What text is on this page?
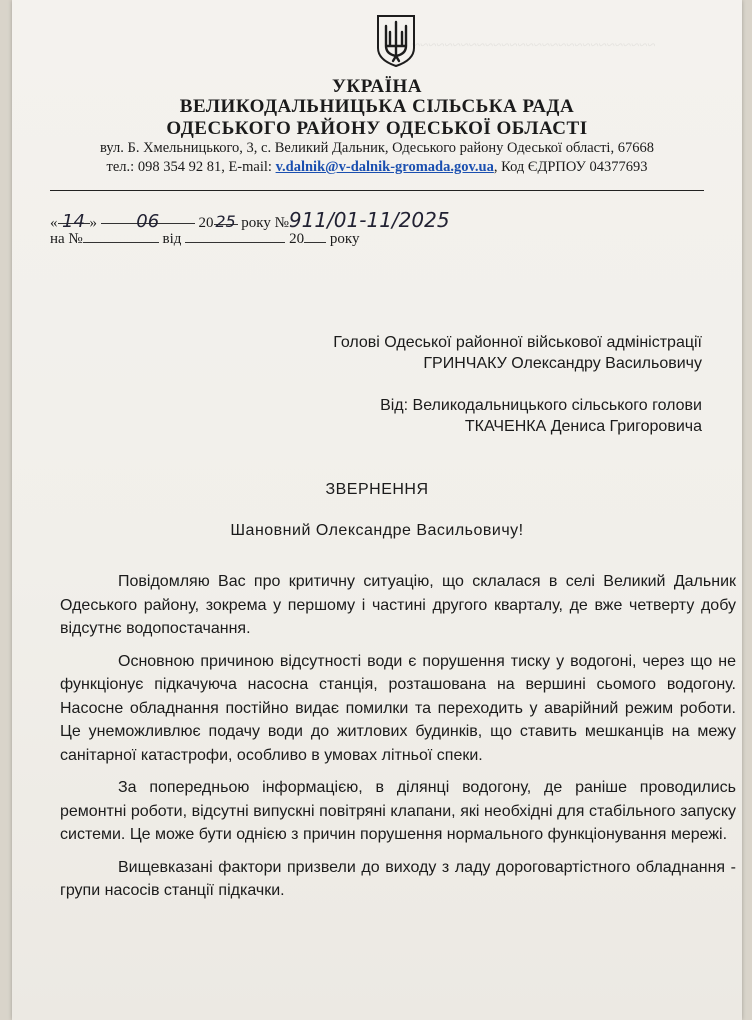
~~~~~~~~~~~~~~~~~~~~~~~~~~~~~~
УКРАЇНА
ВЕЛИКОДАЛЬНИЦЬКА СІЛЬСЬКА РАДА
ОДЕСЬКОГО РАЙОНУ ОДЕСЬКОЇ ОБЛАСТІ
вул. Б. Хмельницького, 3, с. Великий Дальник, Одеського району Одеської області, 67668
тел.: 098 354 92 81, E-mail: v.dalnik@v-dalnik-gromada.gov.ua, Код ЄДРПОУ 04377693
« 14 » 06	20 25 року №911/01-11/2025
на №	від	20 року
Голові Одеської районної військової адміністрації
ГРИНЧАКУ Олександру Васильовичу
Від: Великодальницького сільського голови
ТКАЧЕНКА Дениса Григоровича
ЗВЕРНЕННЯ
Шановний Олександре Васильовичу!

Повідомляю Вас про критичну ситуацію, що склалася в селі Великий Дальник Одеського району, зокрема у першому і частині другого кварталу, де вже четверту добу відсутнє водопостачання.

Основною причиною відсутності води є порушення тиску у водогоні, через що не функціонує підкачуюча насосна станція, розташована на вершині сьомого водогону. Насосне обладнання постійно видає помилки та переходить у аварійний режим роботи. Це унеможливлює подачу води до житлових будинків, що ставить мешканців на межу санітарної катастрофи, особливо в умовах літньої спеки.

За попередньою інформацією, в ділянці водогону, де раніше проводились ремонтні роботи, відсутні випускні повітряні клапани, які необхідні для стабільного запуску системи. Це може бути однією з причин порушення нормального функціонування мережі.

Вищевказані фактори призвели до виходу з ладу дороговартістного обладнання - групи насосів станції підкачки.
